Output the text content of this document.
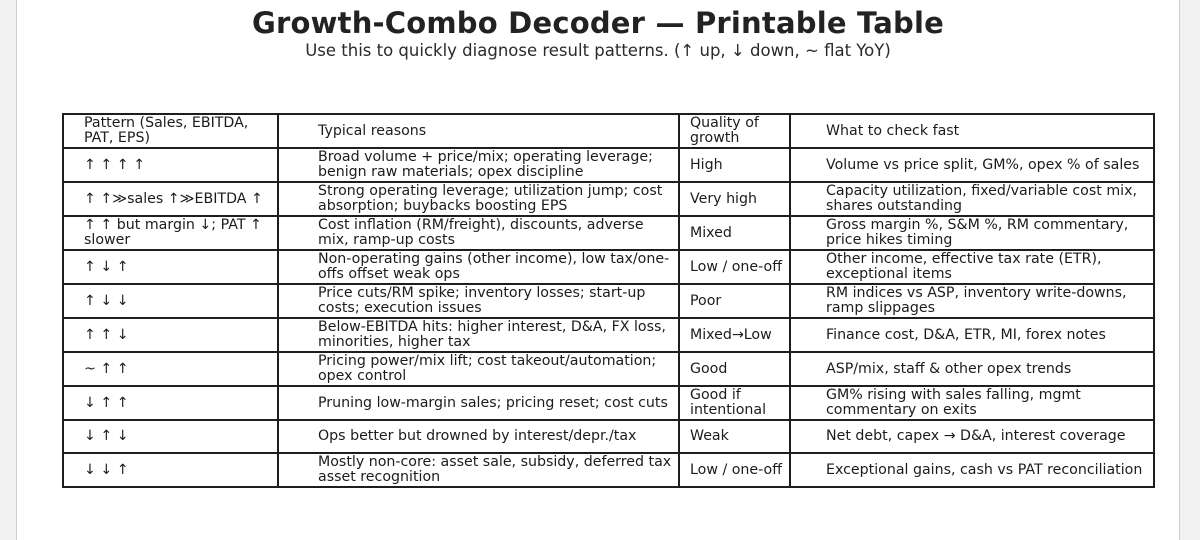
Growth-Combo Decoder — Printable Table
Use this to quickly diagnose result patterns. (↑ up, ↓ down, ~ flat YoY)
Pattern (Sales, EBITDA, PAT, EPS)	Typical reasons	Quality of growth	What to check fast
↑ ↑ ↑ ↑	Broad volume + price/mix; operating leverage; benign raw materials; opex discipline	High	Volume vs price split, GM%, opex % of sales
↑ ↑≫sales ↑≫EBITDA ↑	Strong operating leverage; utilization jump; cost absorption; buybacks boosting EPS	Very high	Capacity utilization, fixed/variable cost mix, shares outstanding
↑ ↑ but margin ↓; PAT ↑ slower	Cost inflation (RM/freight), discounts, adverse mix, ramp-up costs	Mixed	Gross margin %, S&M %, RM commentary, price hikes timing
↑ ↓ ↑	Non-operating gains (other income), low tax/one-offs offset weak ops	Low / one-off	Other income, effective tax rate (ETR), exceptional items
↑ ↓ ↓	Price cuts/RM spike; inventory losses; start-up costs; execution issues	Poor	RM indices vs ASP, inventory write-downs, ramp slippages
↑ ↑ ↓	Below-EBITDA hits: higher interest, D&A, FX loss, minorities, higher tax	Mixed→Low	Finance cost, D&A, ETR, MI, forex notes
~ ↑ ↑	Pricing power/mix lift; cost takeout/automation; opex control	Good	ASP/mix, staff & other opex trends
↓ ↑ ↑	Pruning low-margin sales; pricing reset; cost cuts	Good if intentional	GM% rising with sales falling, mgmt commentary on exits
↓ ↑ ↓	Ops better but drowned by interest/depr./tax	Weak	Net debt, capex → D&A, interest coverage
↓ ↓ ↑	Mostly non-core: asset sale, subsidy, deferred tax asset recognition	Low / one-off	Exceptional gains, cash vs PAT reconciliation
